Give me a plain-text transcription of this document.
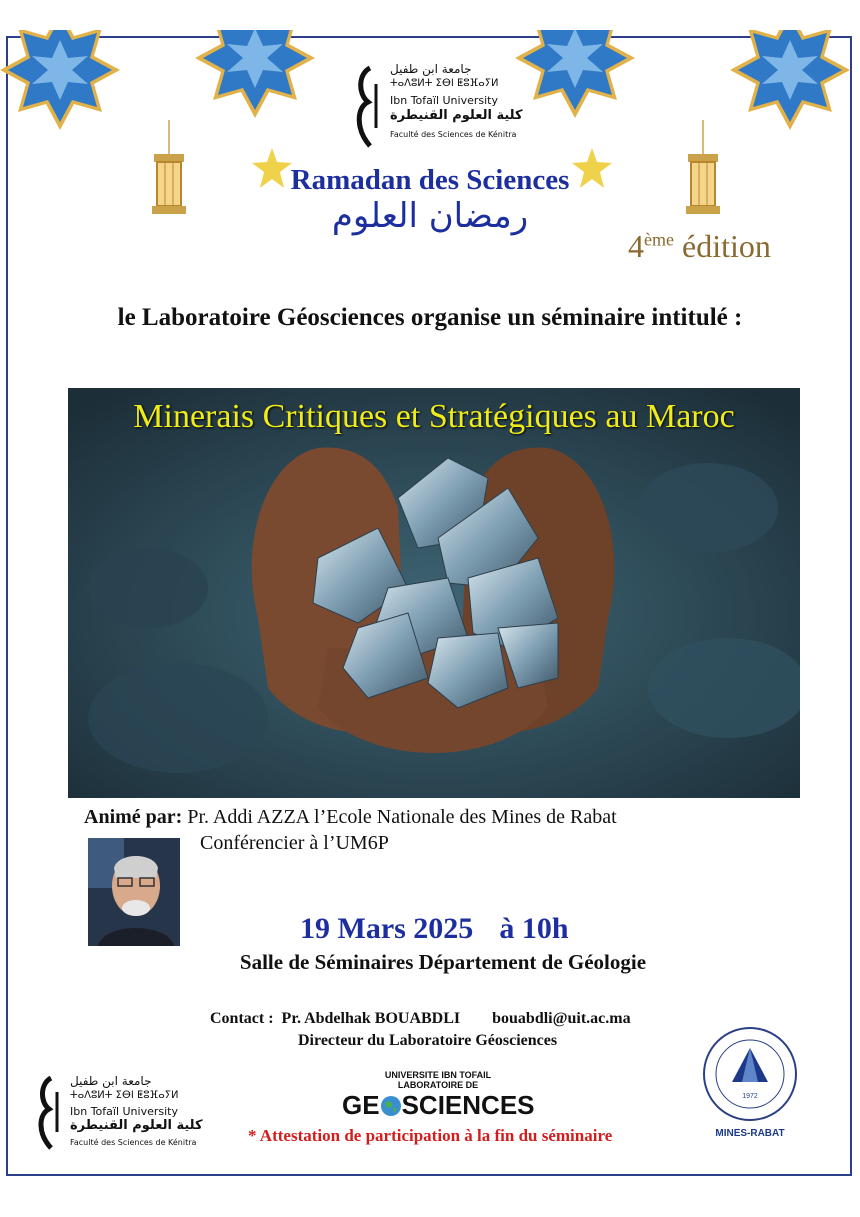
جامعة ابن طفيل
ⵜⴰⴷⵓⵍⵜ ⵉⴱⵏ ⵟⵓⴼⴰⵢⵍ
Ibn Tofaïl University
كلية العلوم القنيطرة
Faculté des Sciences de Kénitra
Ramadan des Sciences
رمضان العلوم
4ème édition
le Laboratoire Géosciences organise un séminaire intitulé :
Minerais Critiques et Stratégiques au Maroc
Animé par: Pr. Addi AZZA l’Ecole Nationale des Mines de Rabat
Conférencier à l’UM6P
19 Mars 2025 à 10h
Salle de Séminaires Département de Géologie
Contact : Pr. Abdelhak BOUABDLI bouabdli@uit.ac.ma
Directeur du Laboratoire Géosciences
جامعة ابن طفيل
ⵜⴰⴷⵓⵍⵜ ⵉⴱⵏ ⵟⵓⴼⴰⵢⵍ
Ibn Tofaïl University
كلية العلوم القنيطرة
Faculté des Sciences de Kénitra
UNIVERSITE IBN TOFAIL
LABORATOIRE DE
GE SCIENCES
* Attestation de participation à la fin du séminaire
1972
MINES-RABAT
